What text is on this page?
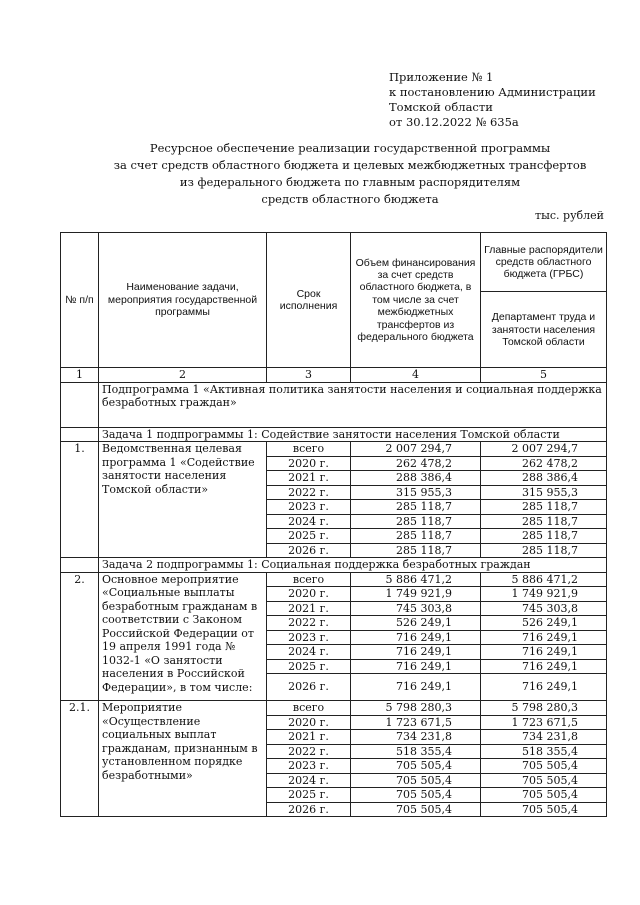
Приложение № 1
к постановлению Администрации
Томской области
от 30.12.2022 № 635а
Ресурсное обеспечение реализации государственной программы
за счет средств областного бюджета и целевых межбюджетных трансфертов
из федерального бюджета по главным распорядителям
средств областного бюджета
тыс. рублей
№ п/п	Наименование задачи, мероприятия государственной программы	Срок исполнения	Объем финансирования за счет средств областного бюджета, в том числе за счет межбюджетных трансфертов из федерального бюджета	Главные распорядители средств областного бюджета (ГРБС)
				Департамент труда и занятости населения Томской области
1	2	3	4	5
	Подпрограмма 1 «Активная политика занятости населения и социальная поддержка безработных граждан»			
	Задача 1 подпрограммы 1: Содействие занятости населения Томской области			
1.	Ведомственная целевая программа 1 «Содействие занятости населения Томской области»	всего	2 007 294,7	2 007 294,7
		2020 г.	262 478,2	262 478,2
		2021 г.	288 386,4	288 386,4
		2022 г.	315 955,3	315 955,3
		2023 г.	285 118,7	285 118,7
		2024 г.	285 118,7	285 118,7
		2025 г.	285 118,7	285 118,7
		2026 г.	285 118,7	285 118,7
	Задача 2 подпрограммы 1: Социальная поддержка безработных граждан			
2.	Основное мероприятие «Социальные выплаты безработным гражданам в соответствии с Законом Российской Федерации от 19 апреля 1991 года № 1032-1 «О занятости населения в Российской Федерации», в том числе:	всего	5 886 471,2	5 886 471,2
		2020 г.	1 749 921,9	1 749 921,9
		2021 г.	745 303,8	745 303,8
		2022 г.	526 249,1	526 249,1
		2023 г.	716 249,1	716 249,1
		2024 г.	716 249,1	716 249,1
		2025 г.	716 249,1	716 249,1
		2026 г.	716 249,1	716 249,1
2.1.	Мероприятие «Осуществление социальных выплат гражданам, признанным в установленном порядке безработными»	всего	5 798 280,3	5 798 280,3
		2020 г.	1 723 671,5	1 723 671,5
		2021 г.	734 231,8	734 231,8
		2022 г.	518 355,4	518 355,4
		2023 г.	705 505,4	705 505,4
		2024 г.	705 505,4	705 505,4
		2025 г.	705 505,4	705 505,4
		2026 г.	705 505,4	705 505,4
